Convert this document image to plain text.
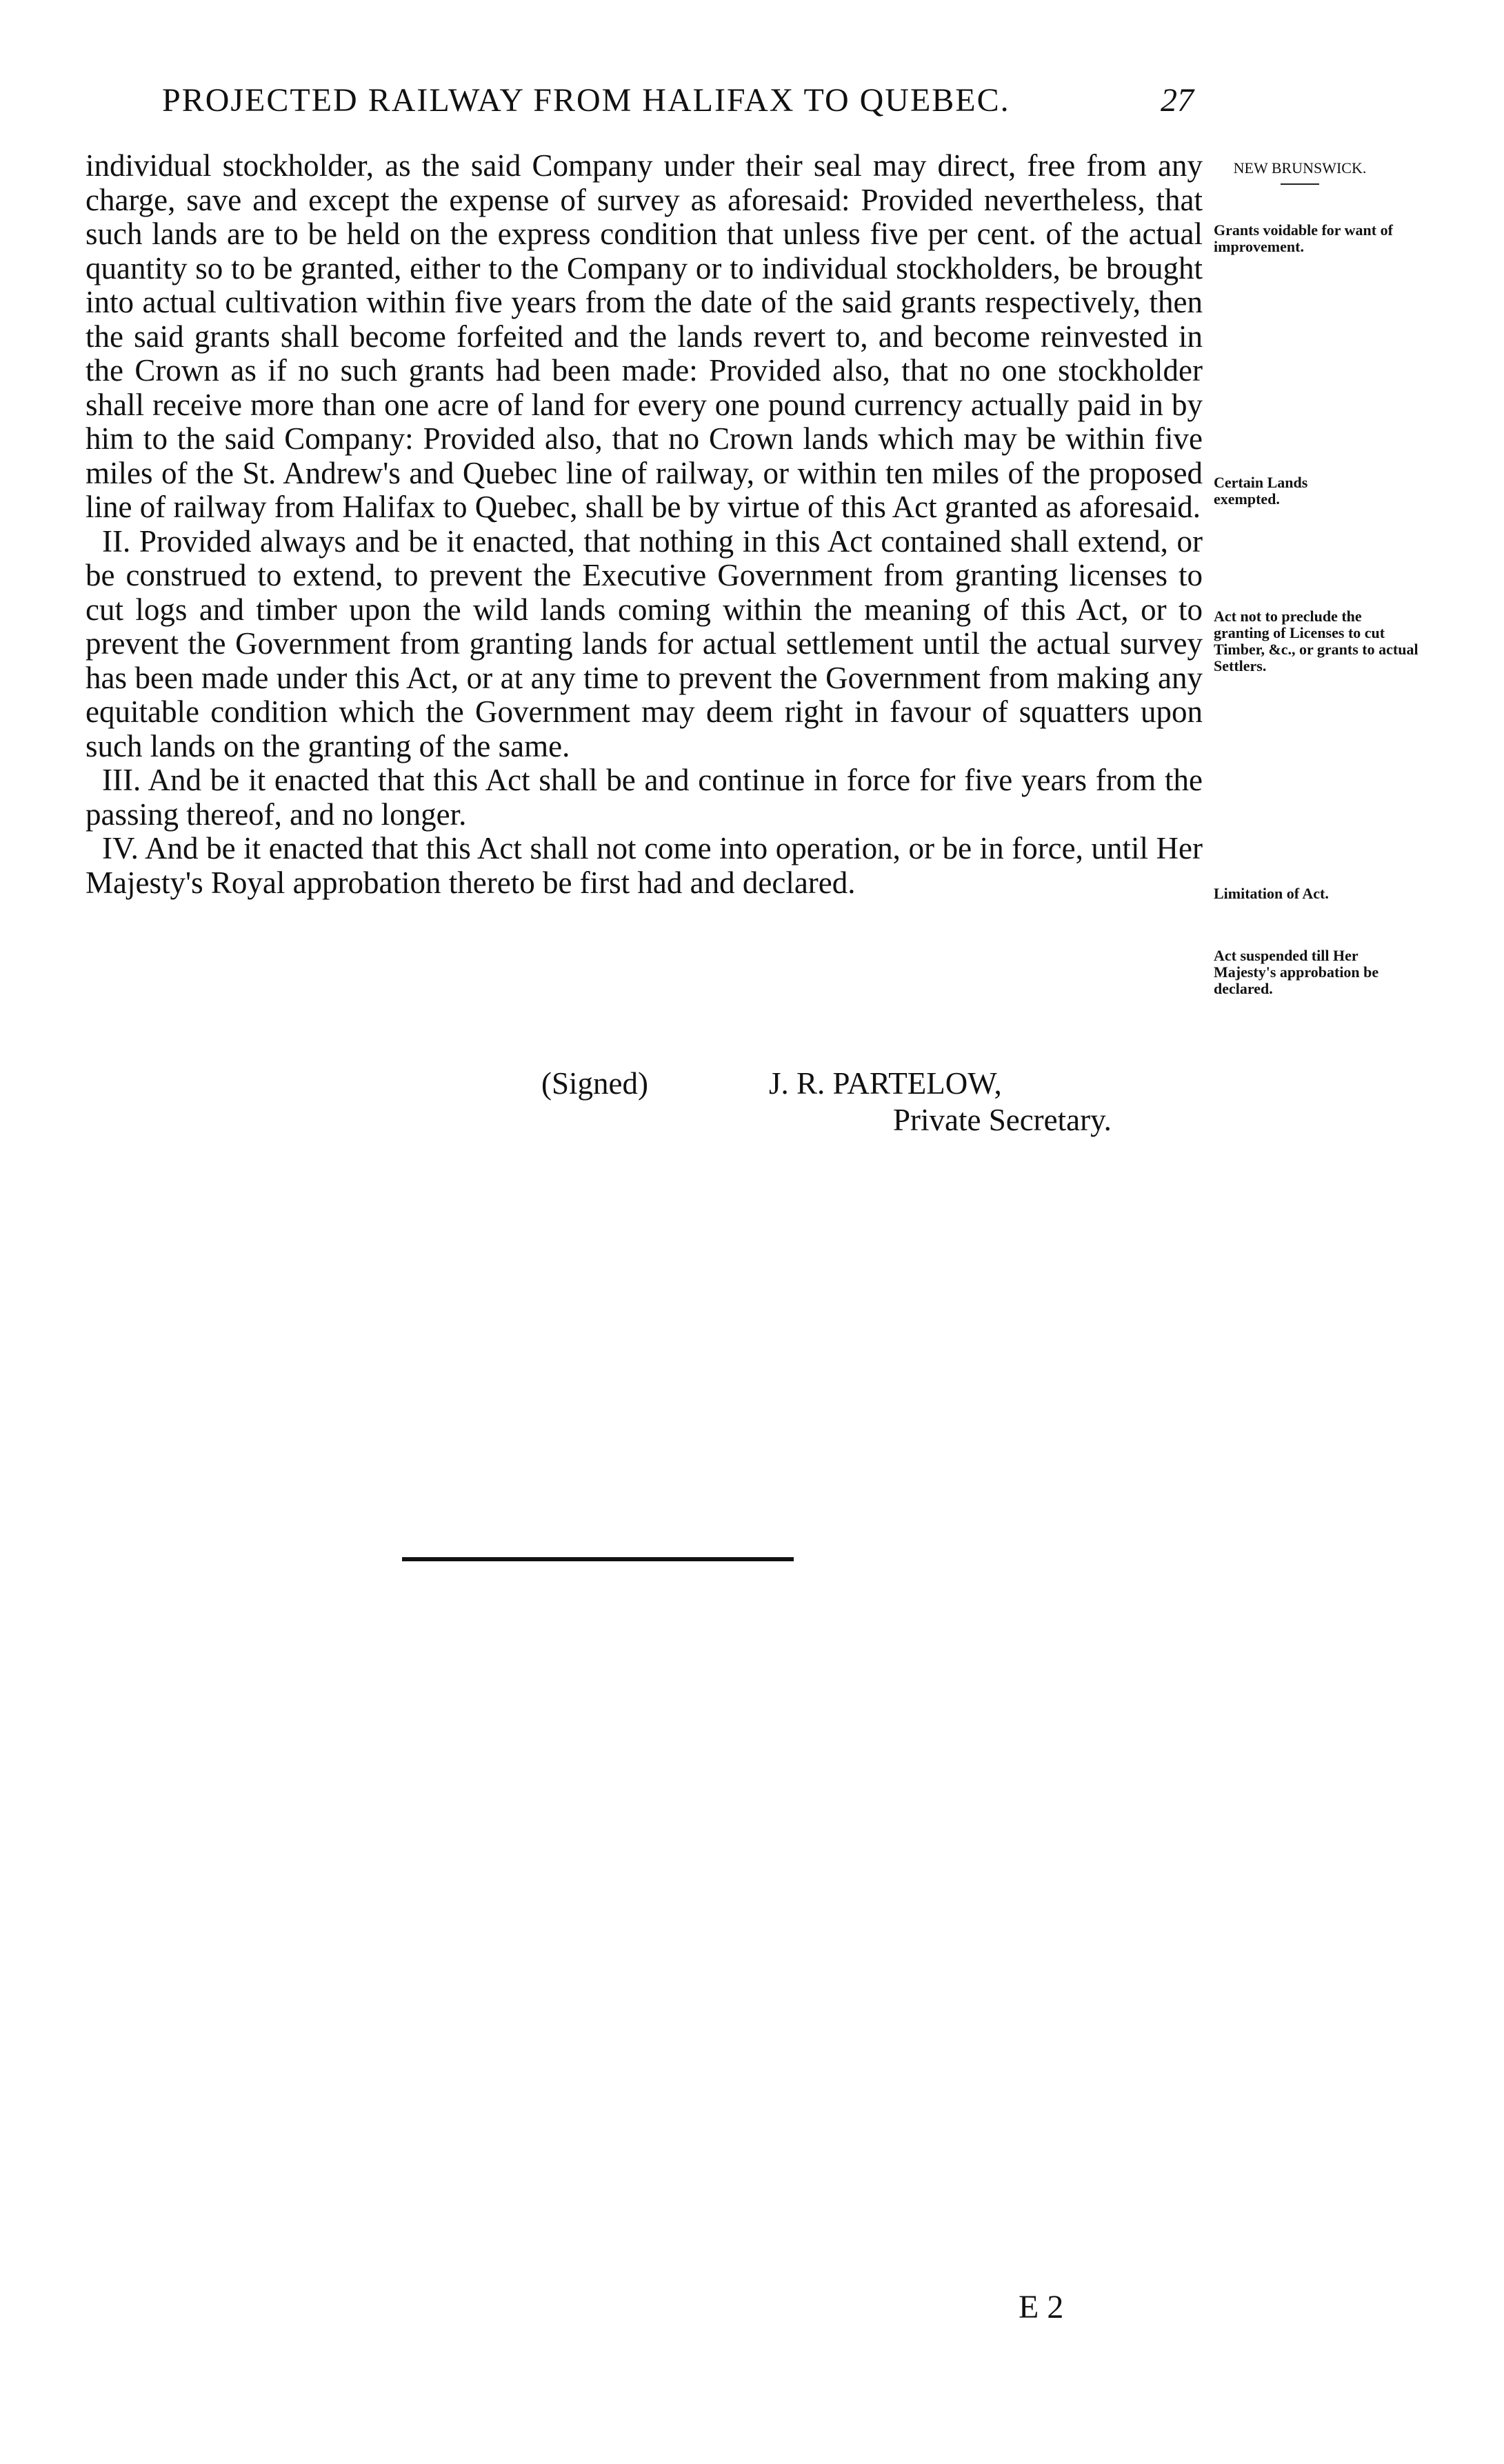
PROJECTED RAILWAY FROM HALIFAX TO QUEBEC.	27

individual stockholder, as the said Company under their seal may direct, free from any charge, save and except the expense of survey as aforesaid: Provided nevertheless, that such lands are to be held on the express condition that unless five per cent. of the actual quantity so to be granted, either to the Company or to individual stockholders, be brought into actual cultivation within five years from the date of the said grants respectively, then the said grants shall become forfeited and the lands revert to, and become reinvested in the Crown as if no such grants had been made: Provided also, that no one stockholder shall receive more than one acre of land for every one pound currency actually paid in by him to the said Company: Provided also, that no Crown lands which may be within five miles of the St. Andrew's and Quebec line of railway, or within ten miles of the proposed line of railway from Halifax to Quebec, shall be by virtue of this Act granted as aforesaid.

II. Provided always and be it enacted, that nothing in this Act contained shall extend, or be construed to extend, to prevent the Executive Government from granting licenses to cut logs and timber upon the wild lands coming within the meaning of this Act, or to prevent the Government from granting lands for actual settlement until the actual survey has been made under this Act, or at any time to prevent the Government from making any equitable condition which the Government may deem right in favour of squatters upon such lands on the granting of the same.

III. And be it enacted that this Act shall be and continue in force for five years from the passing thereof, and no longer.

IV. And be it enacted that this Act shall not come into operation, or be in force, until Her Majesty's Royal approbation thereto be first had and declared.

(Signed)	J. R. PARTELOW,
Private Secretary.
NEW BRUNSWICK.
Grants voidable for want of improvement.
Certain Lands exempted.
Act not to preclude the granting of Licenses to cut Timber, &c., or grants to actual Settlers.
Limitation of Act.
Act suspended till Her Majesty's approbation be declared.
E 2
